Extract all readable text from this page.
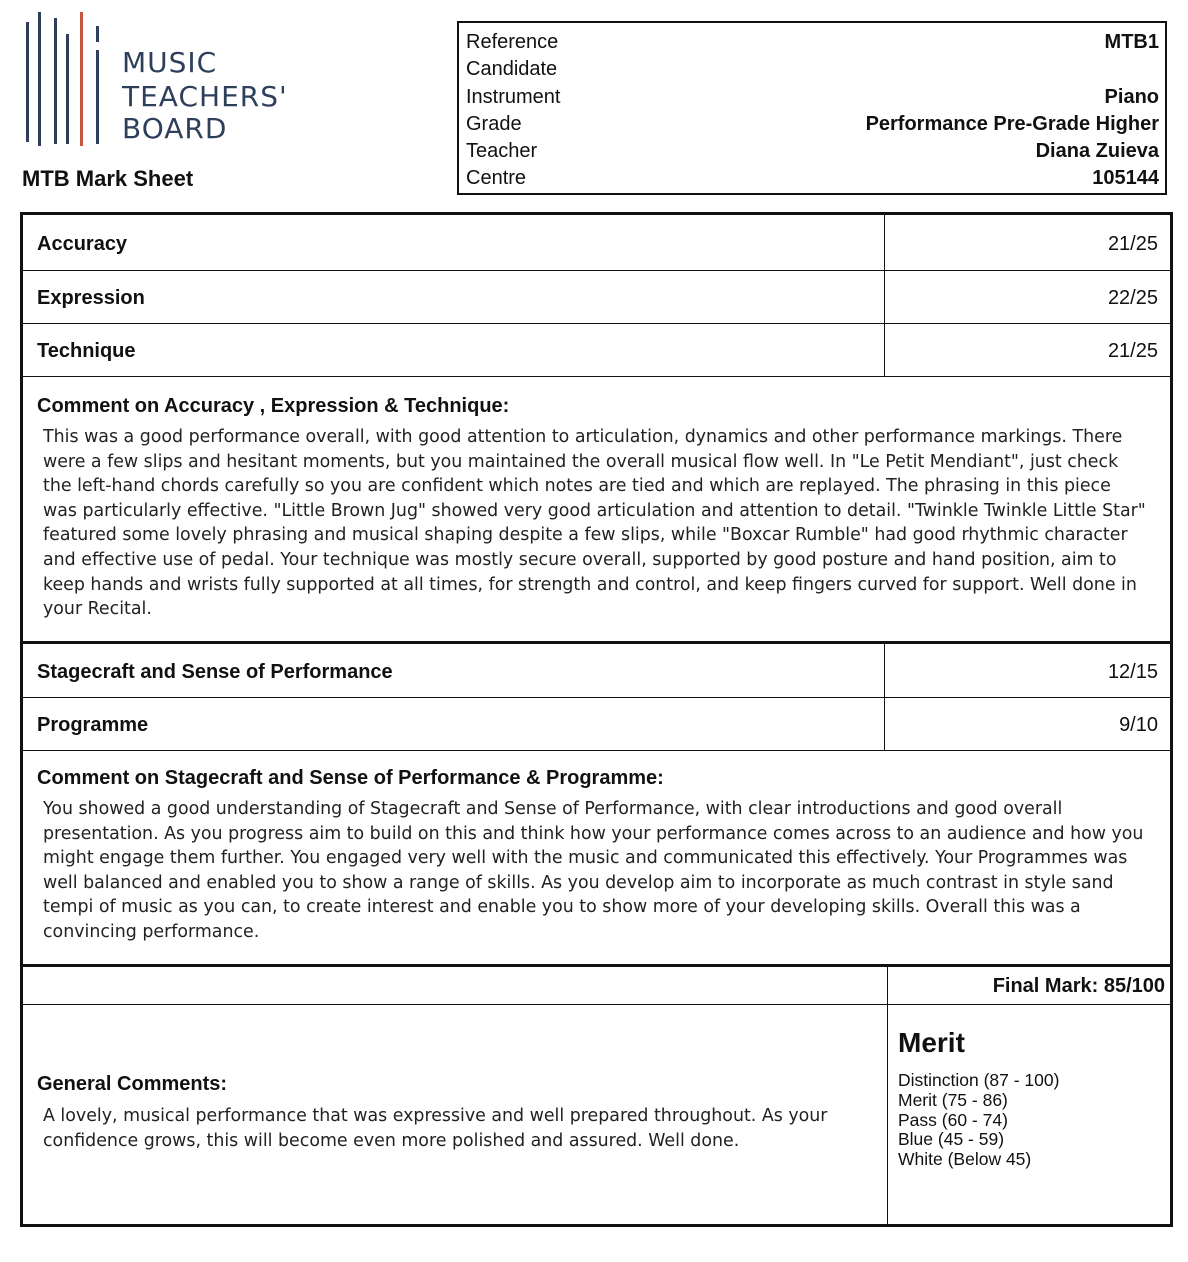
MUSIC
TEACHERS'
BOARD
MTB Mark Sheet
Reference	MTB1
Candidate
Instrument	Piano
Grade	Performance Pre-Grade Higher
Teacher	Diana Zuieva
Centre	105144
Accuracy	21/25
Expression	22/25
Technique	21/25
Comment on Accuracy , Expression & Technique:
This was a good performance overall, with good attention to articulation, dynamics and other performance markings. There were a few slips and hesitant moments, but you maintained the overall musical flow well. In "Le Petit Mendiant", just check the left-hand chords carefully so you are confident which notes are tied and which are replayed. The phrasing in this piece was particularly effective. "Little Brown Jug" showed very good articulation and attention to detail. "Twinkle Twinkle Little Star" featured some lovely phrasing and musical shaping despite a few slips, while "Boxcar Rumble" had good rhythmic character and effective use of pedal. Your technique was mostly secure overall, supported by good posture and hand position, aim to keep hands and wrists fully supported at all times, for strength and control, and keep fingers curved for support. Well done in your Recital.
Stagecraft and Sense of Performance	12/15
Programme	9/10
Comment on Stagecraft and Sense of Performance & Programme:
You showed a good understanding of Stagecraft and Sense of Performance, with clear introductions and good overall presentation. As you progress aim to build on this and think how your performance comes across to an audience and how you might engage them further. You engaged very well with the music and communicated this effectively. Your Programmes was well balanced and enabled you to show a range of skills. As you develop aim to incorporate as much contrast in style sand tempi of music as you can, to create interest and enable you to show more of your developing skills. Overall this was a convincing performance.
Final Mark: 85/100
General Comments:
A lovely, musical performance that was expressive and well prepared throughout. As your confidence grows, this will become even more polished and assured. Well done.
Merit
Distinction (87 - 100)
Merit (75 - 86)
Pass (60 - 74)
Blue (45 - 59)
White (Below 45)
